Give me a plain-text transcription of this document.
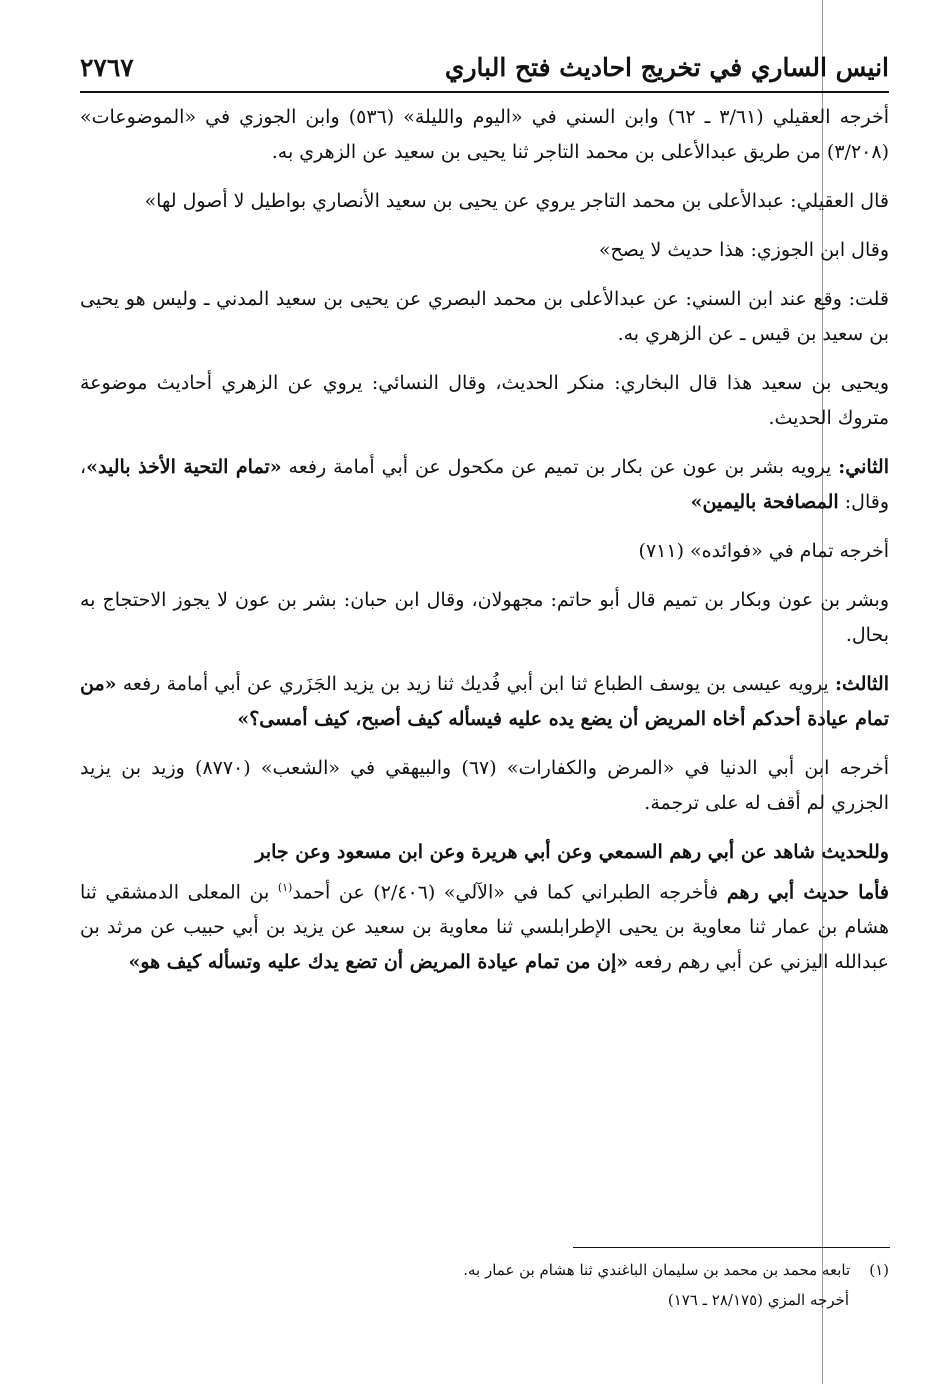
انيس الساري في تخريج احاديث فتح الباري
٢٧٦٧

أخرجه العقيلي (٣/٦١ ـ ٦٢) وابن السني في «اليوم والليلة» (٥٣٦) وابن الجوزي في «الموضوعات» (٣/٢٠٨) من طريق عبدالأعلى بن محمد التاجر ثنا يحيى بن سعيد عن الزهري به.

قال العقيلي: عبدالأعلى بن محمد التاجر يروي عن يحيى بن سعيد الأنصاري بواطيل لا أصول لها»

وقال ابن الجوزي: هذا حديث لا يصح»

قلت: وقع عند ابن السني: عن عبدالأعلى بن محمد البصري عن يحيى بن سعيد المدني ـ وليس هو يحيى بن سعيد بن قيس ـ عن الزهري به.

ويحيى بن سعيد هذا قال البخاري: منكر الحديث، وقال النسائي: يروي عن الزهري أحاديث موضوعة متروك الحديث.

الثاني: يرويه بشر بن عون عن بكار بن تميم عن مكحول عن أبي أمامة رفعه «تمام التحية الأخذ باليد»، وقال: المصافحة باليمين»

أخرجه تمام في «فوائده» (٧١١)

وبشر بن عون وبكار بن تميم قال أبو حاتم: مجهولان، وقال ابن حبان: بشر بن عون لا يجوز الاحتجاج به بحال.

الثالث: يرويه عيسى بن يوسف الطباع ثنا ابن أبي فُديك ثنا زيد بن يزيد الجَزَري عن أبي أمامة رفعه «من تمام عيادة أحدكم أخاه المريض أن يضع يده عليه فيسأله كيف أصبح، كيف أمسى؟»

أخرجه ابن أبي الدنيا في «المرض والكفارات» (٦٧) والبيهقي في «الشعب» (٨٧٧٠) وزيد بن يزيد الجزري لم أقف له على ترجمة.

وللحديث شاهد عن أبي رهم السمعي وعن أبي هريرة وعن ابن مسعود وعن جابر

فأما حديث أبي رهم فأخرجه الطبراني كما في «الآلي» (٢/٤٠٦) عن أحمد$^{(١)}$ بن المعلى الدمشقي ثنا هشام بن عمار ثنا معاوية بن يحيى الإطرابلسي ثنا معاوية بن سعيد عن يزيد بن أبي حبيب عن مرثد بن عبدالله اليزني عن أبي رهم رفعه «إن من تمام عيادة المريض أن تضع يدك عليه وتسأله كيف هو»

(١)    تابعه محمد بن محمد بن سليمان الباغندي ثنا هشام بن عمار به.

أخرجه المزي (٢٨/١٧٥ ـ ١٧٦)
